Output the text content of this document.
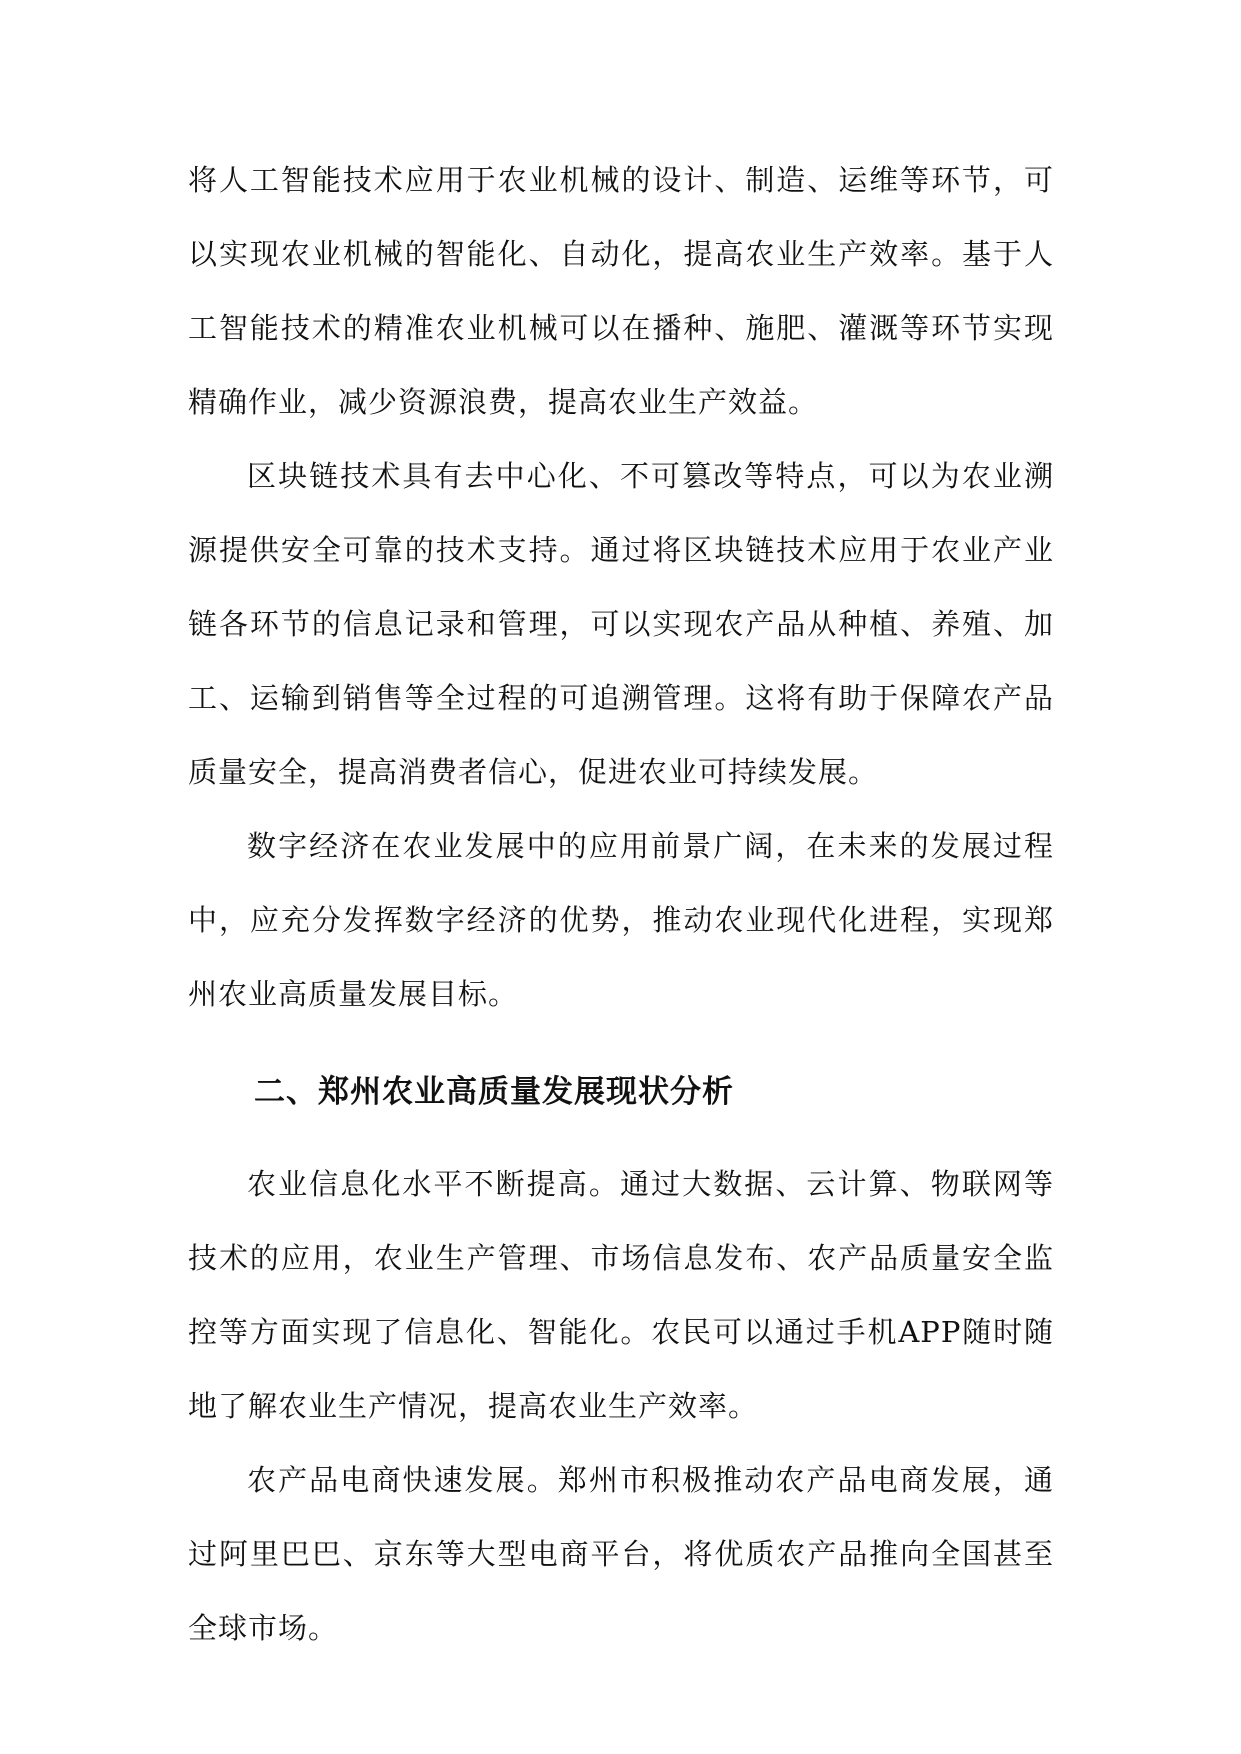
将人工智能技术应用于农业机械的设计、制造、运维等环节，可以实现农业机械的智能化、自动化，提高农业生产效率。基于人工智能技术的精准农业机械可以在播种、施肥、灌溉等环节实现精确作业，减少资源浪费，提高农业生产效益。

区块链技术具有去中心化、不可篡改等特点，可以为农业溯源提供安全可靠的技术支持。通过将区块链技术应用于农业产业链各环节的信息记录和管理，可以实现农产品从种植、养殖、加工、运输到销售等全过程的可追溯管理。这将有助于保障农产品质量安全，提高消费者信心，促进农业可持续发展。

数字经济在农业发展中的应用前景广阔，在未来的发展过程中，应充分发挥数字经济的优势，推动农业现代化进程，实现郑州农业高质量发展目标。

二、郑州农业高质量发展现状分析

农业信息化水平不断提高。通过大数据、云计算、物联网等技术的应用，农业生产管理、市场信息发布、农产品质量安全监控等方面实现了信息化、智能化。农民可以通过手机APP随时随地了解农业生产情况，提高农业生产效率。

农产品电商快速发展。郑州市积极推动农产品电商发展，通过阿里巴巴、京东等大型电商平台，将优质农产品推向全国甚至全球市场。
